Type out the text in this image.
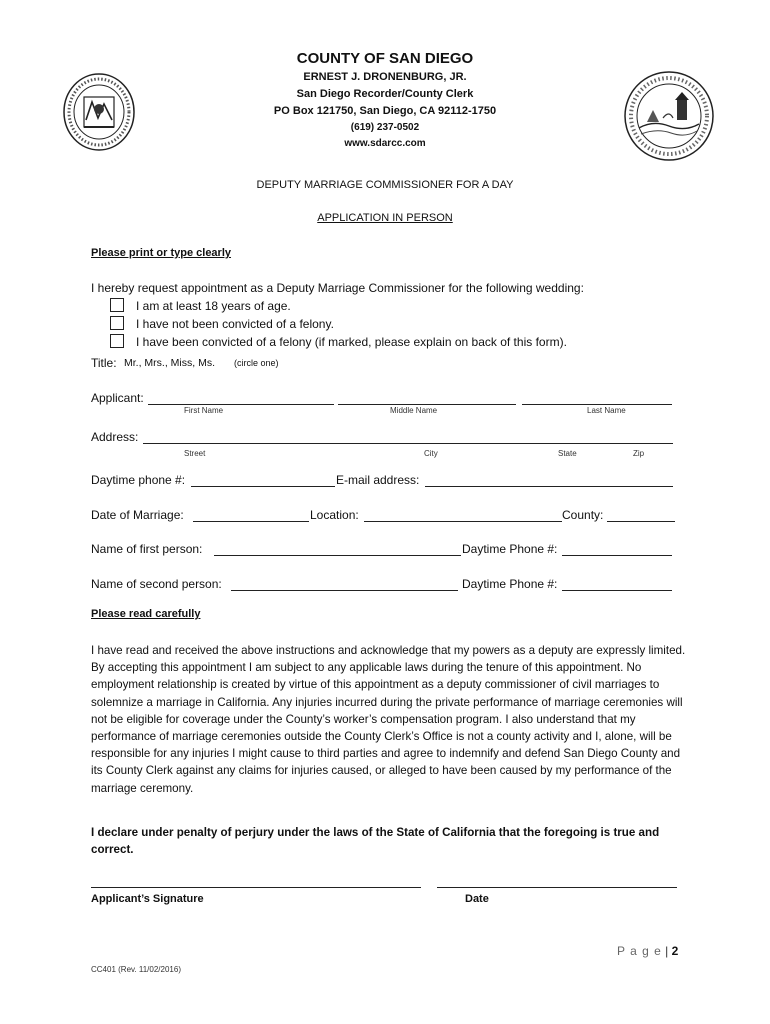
COUNTY OF SAN DIEGO
ERNEST J. DRONENBURG, JR.
San Diego Recorder/County Clerk
PO Box 121750, San Diego, CA 92112-1750
(619) 237-0502
www.sdarcc.com
DEPUTY MARRIAGE COMMISSIONER FOR A DAY
APPLICATION IN PERSON
Please print or type clearly
I hereby request appointment as a Deputy Marriage Commissioner for the following wedding:
I am at least 18 years of age.
I have not been convicted of a felony.
I have been convicted of a felony (if marked, please explain on back of this form).
Title: Mr., Mrs., Miss, Ms. (circle one)
Applicant:
First Name	Middle Name	Last Name
Address:
Street	City	State	Zip
Daytime phone #:	E-mail address:
Date of Marriage:	Location:	County:
Name of first person:	Daytime Phone #:
Name of second person:	Daytime Phone #:
Please read carefully
I have read and received the above instructions and acknowledge that my powers as a deputy are expressly limited. By accepting this appointment I am subject to any applicable laws during the tenure of this appointment. No employment relationship is created by virtue of this appointment as a deputy commissioner of civil marriages to solemnize a marriage in California. Any injuries incurred during the private performance of marriage ceremonies will not be eligible for coverage under the County’s worker’s compensation program. I also understand that my performance of marriage ceremonies outside the County Clerk’s Office is not a county activity and I, alone, will be responsible for any injuries I might cause to third parties and agree to indemnify and defend San Diego County and its County Clerk against any claims for injuries caused, or alleged to have been caused by my performance of the marriage ceremony.
I declare under penalty of perjury under the laws of the State of California that the foregoing is true and correct.
Applicant’s Signature	Date
P a g e | 2
CC401 (Rev. 11/02/2016)
